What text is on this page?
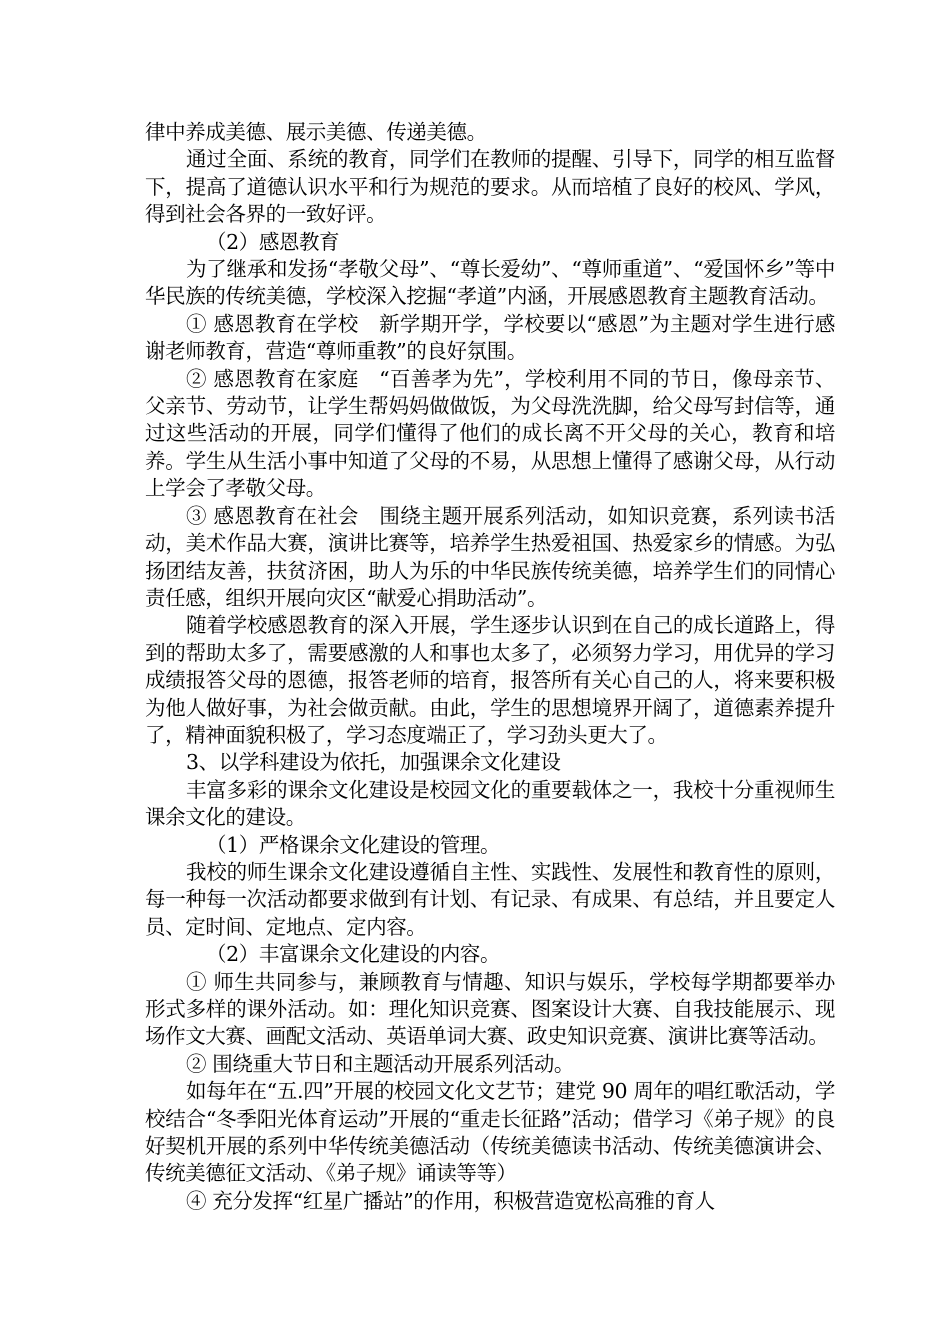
律中养成美德、展示美德、传递美德。

通过全面、系统的教育，同学们在教师的提醒、引导下，同学的相互监督下，提高了道德认识水平和行为规范的要求。从而培植了良好的校风、学风，得到社会各界的一致好评。

（2）感恩教育

为了继承和发扬“孝敬父母”、“尊长爱幼”、“尊师重道”、“爱国怀乡”等中华民族的传统美德，学校深入挖掘“孝道”内涵，开展感恩教育主题教育活动。

① 感恩教育在学校　新学期开学，学校要以“感恩”为主题对学生进行感谢老师教育，营造“尊师重教”的良好氛围。

② 感恩教育在家庭　“百善孝为先”，学校利用不同的节日，像母亲节、父亲节、劳动节，让学生帮妈妈做做饭，为父母洗洗脚，给父母写封信等，通过这些活动的开展，同学们懂得了他们的成长离不开父母的关心，教育和培养。学生从生活小事中知道了父母的不易，从思想上懂得了感谢父母，从行动上学会了孝敬父母。

③ 感恩教育在社会　围绕主题开展系列活动，如知识竞赛，系列读书活动，美术作品大赛，演讲比赛等，培养学生热爱祖国、热爱家乡的情感。为弘扬团结友善，扶贫济困，助人为乐的中华民族传统美德，培养学生们的同情心责任感，组织开展向灾区“献爱心捐助活动”。

随着学校感恩教育的深入开展，学生逐步认识到在自己的成长道路上，得到的帮助太多了，需要感激的人和事也太多了，必须努力学习，用优异的学习成绩报答父母的恩德，报答老师的培育，报答所有关心自己的人，将来要积极为他人做好事，为社会做贡献。由此，学生的思想境界开阔了，道德素养提升了，精神面貌积极了，学习态度端正了，学习劲头更大了。

3、以学科建设为依托，加强课余文化建设

丰富多彩的课余文化建设是校园文化的重要载体之一，我校十分重视师生课余文化的建设。

（1）严格课余文化建设的管理。

我校的师生课余文化建设遵循自主性、实践性、发展性和教育性的原则，每一种每一次活动都要求做到有计划、有记录、有成果、有总结，并且要定人员、定时间、定地点、定内容。

（2）丰富课余文化建设的内容。

① 师生共同参与，兼顾教育与情趣、知识与娱乐，学校每学期都要举办形式多样的课外活动。如：理化知识竞赛、图案设计大赛、自我技能展示、现场作文大赛、画配文活动、英语单词大赛、政史知识竞赛、演讲比赛等活动。

② 围绕重大节日和主题活动开展系列活动。

如每年在“五.四”开展的校园文化文艺节；建党 90 周年的唱红歌活动，学校结合“冬季阳光体育运动”开展的“重走长征路”活动；借学习《弟子规》的良好契机开展的系列中华传统美德活动（传统美德读书活动、传统美德演讲会、传统美德征文活动、《弟子规》诵读等等）

④ 充分发挥“红星广播站”的作用，积极营造宽松高雅的育人
